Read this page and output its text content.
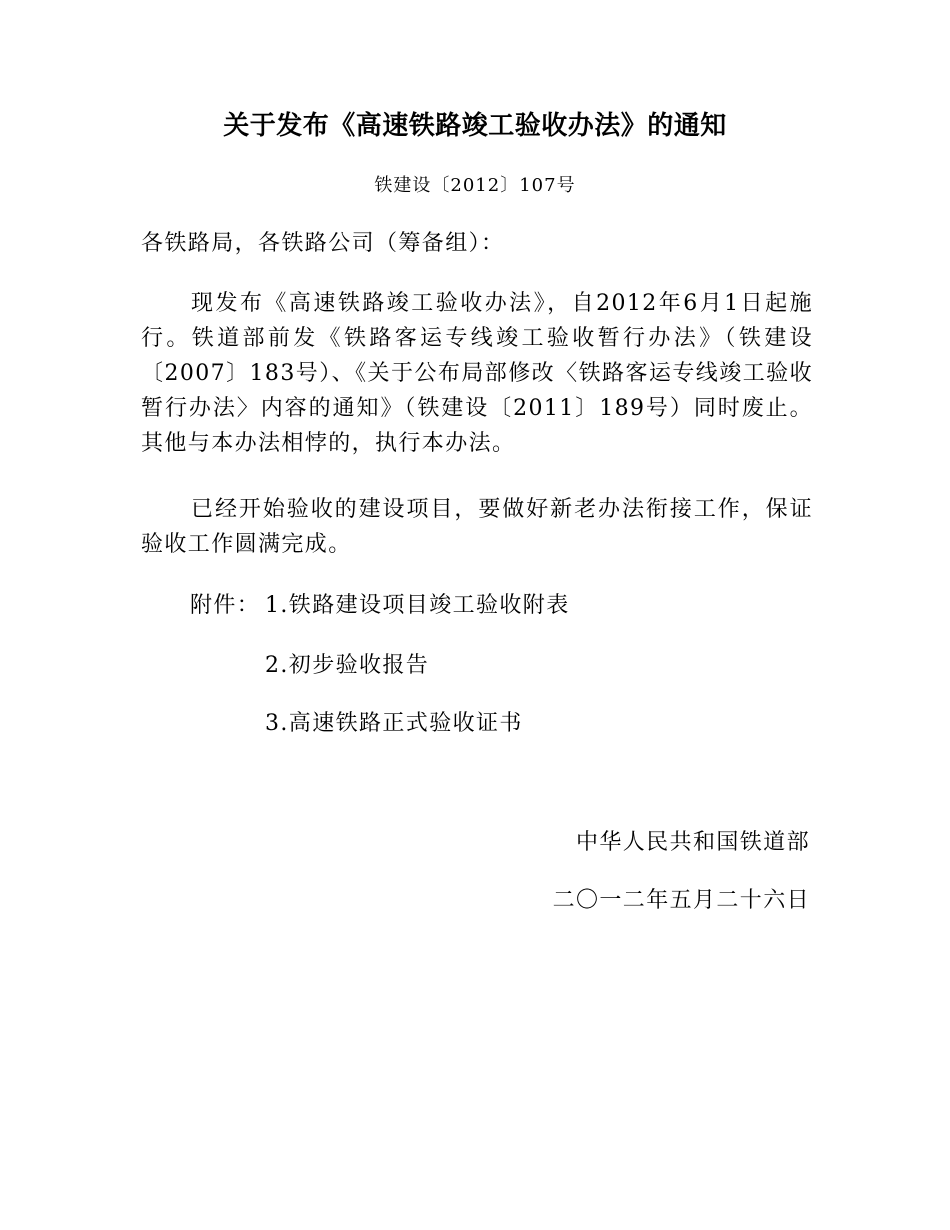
关于发布《高速铁路竣工验收办法》的通知
铁建设〔2012〕107号
各铁路局，各铁路公司（筹备组）：
现发布《高速铁路竣工验收办法》，自2012年6月1日起施行。铁道部前发《铁路客运专线竣工验收暂行办法》（铁建设〔2007〕183号）、《关于公布局部修改〈铁路客运专线竣工验收暂行办法〉内容的通知》（铁建设〔2011〕189号）同时废止。其他与本办法相悖的，执行本办法。
已经开始验收的建设项目，要做好新老办法衔接工作，保证验收工作圆满完成。
附件： 1.铁路建设项目竣工验收附表
2.初步验收报告
3.高速铁路正式验收证书
中华人民共和国铁道部
二〇一二年五月二十六日
